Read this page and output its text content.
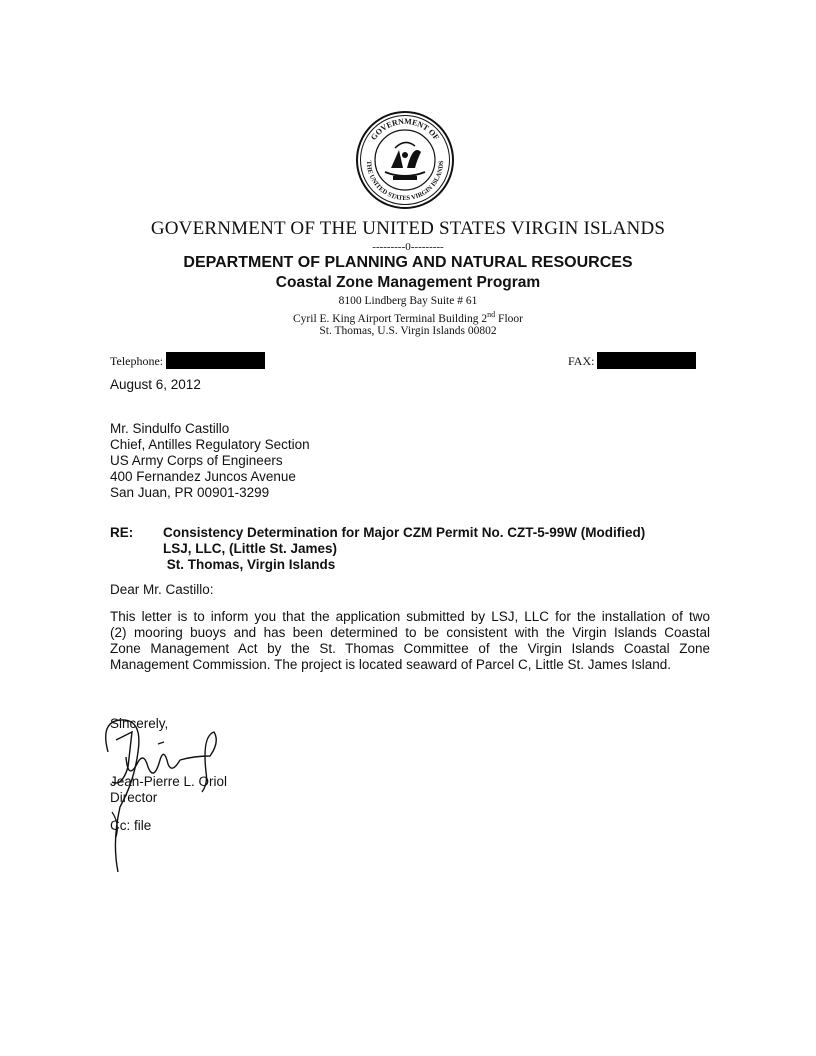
GOVERNMENT OF
THE UNITED STATES VIRGIN ISLANDS
GOVERNMENT OF THE UNITED STATES VIRGIN ISLANDS
---------0---------
DEPARTMENT OF PLANNING AND NATURAL RESOURCES
Coastal Zone Management Program
8100 Lindberg Bay Suite # 61
Cyril E. King Airport Terminal Building 2nd Floor
St. Thomas, U.S. Virgin Islands 00802
Telephone:	FAX:
August 6, 2012
Mr. Sindulfo Castillo
Chief, Antilles Regulatory Section
US Army Corps of Engineers
400 Fernandez Juncos Avenue
San Juan, PR 00901-3299
RE: Consistency Determination for Major CZM Permit No. CZT-5-99W (Modified)
LSJ, LLC, (Little St. James)
St. Thomas, Virgin Islands
Dear Mr. Castillo:
This letter is to inform you that the application submitted by LSJ, LLC for the installation of two
(2) mooring buoys and has been determined to be consistent with the Virgin Islands Coastal
Zone Management Act by the St. Thomas Committee of the Virgin Islands Coastal Zone
Management Commission. The project is located seaward of Parcel C, Little St. James Island.
Sincerely,
Jean-Pierre L. Oriol
Director
Cc: file
